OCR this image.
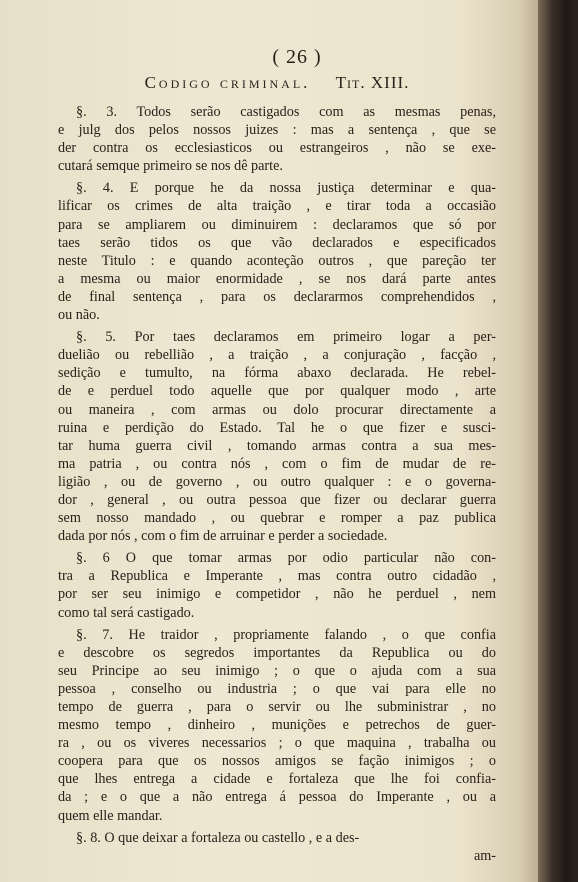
( 26 )
Codigo criminal. Tit. XIII.
§. 3. Todos serão castigados com as mesmas penas,
e julg dos pelos nossos juizes : mas a sentença , que se
der contra os ecclesiasticos ou estrangeiros , não se exe-
cutará semque primeiro se nos dê parte.
§. 4. E porque he da nossa justiça determinar e qua-
lificar os crimes de alta traição , e tirar toda a occasião
para se ampliarem ou diminuirem : declaramos que só por
taes serão tidos os que vão declarados e especificados
neste Titulo : e quando aconteção outros , que pareção ter
a mesma ou maior enormidade , se nos dará parte antes
de final sentença , para os declararmos comprehendidos ,
ou não.
§. 5. Por taes declaramos em primeiro logar a per-
duelião ou rebellião , a traição , a conjuração , facção ,
sedição e tumulto, na fórma abaxo declarada. He rebel-
de e perduel todo aquelle que por qualquer modo , arte
ou maneira , com armas ou dolo procurar directamente a
ruina e perdição do Estado. Tal he o que fizer e susci-
tar huma guerra civil , tomando armas contra a sua mes-
ma patria , ou contra nós , com o fim de mudar de re-
ligião , ou de governo , ou outro qualquer : e o governa-
dor , general , ou outra pessoa que fizer ou declarar guerra
sem nosso mandado , ou quebrar e romper a paz publica
dada por nós , com o fim de arruinar e perder a sociedade.
§. 6 O que tomar armas por odio particular não con-
tra a Republica e Imperante , mas contra outro cidadão ,
por ser seu inimigo e competidor , não he perduel , nem
como tal será castigado.
§. 7. He traidor , propriamente falando , o que confia
e descobre os segredos importantes da Republica ou do
seu Principe ao seu inimigo ; o que o ajuda com a sua
pessoa , conselho ou industria ; o que vai para elle no
tempo de guerra , para o servir ou lhe subministrar , no
mesmo tempo , dinheiro , munições e petrechos de guer-
ra , ou os viveres necessarios ; o que maquina , trabalha ou
coopera para que os nossos amigos se fação inimigos ; o
que lhes entrega a cidade e fortaleza que lhe foi confia-
da ; e o que a não entrega á pessoa do Imperante , ou a
quem elle mandar.
§. 8. O que deixar a fortaleza ou castello , e a des-
am-
